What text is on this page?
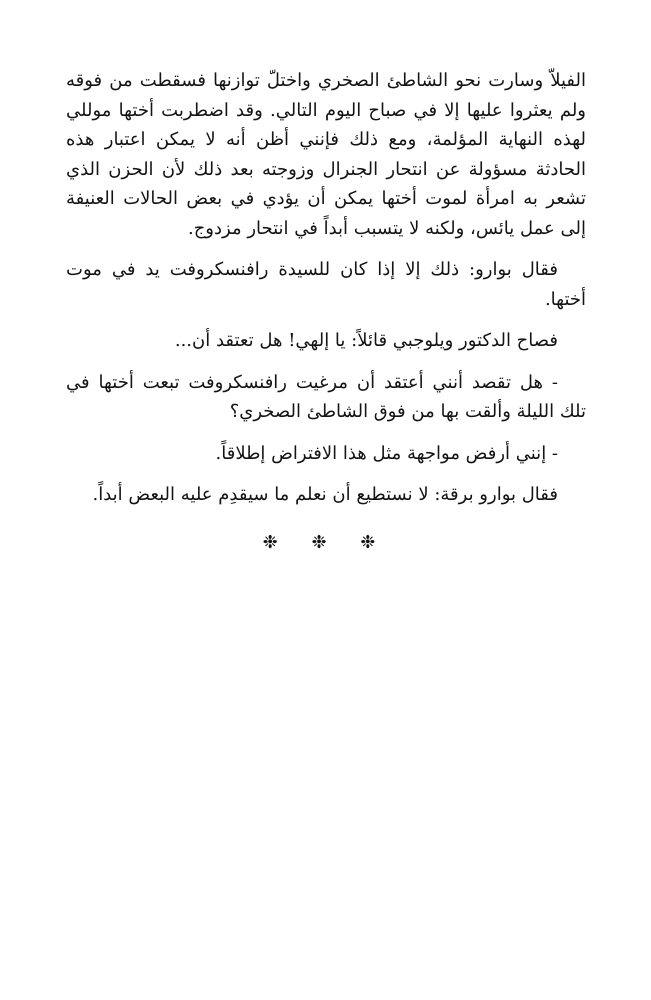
الفيلاّ وسارت نحو الشاطئ الصخري واختلّ توازنها فسقطت من فوقه ولم يعثروا عليها إلا في صباح اليوم التالي. وقد اضطربت أختها موللي لهذه النهاية المؤلمة، ومع ذلك فإنني أظن أنه لا يمكن اعتبار هذه الحادثة مسؤولة عن انتحار الجنرال وزوجته بعد ذلك لأن الحزن الذي تشعر به امرأة لموت أختها يمكن أن يؤدي في بعض الحالات العنيفة إلى عمل يائس، ولكنه لا يتسبب أبداً في انتحار مزدوج.

فقال بوارو: ذلك إلا إذا كان للسيدة رافنسكروفت يد في موت أختها.

فصاح الدكتور ويلوجبي قائلاً: يا إلهي! هل تعتقد أن...

- هل تقصد أنني أعتقد أن مرغيت رافنسكروفت تبعت أختها في تلك الليلة وألقت بها من فوق الشاطئ الصخري؟

- إنني أرفض مواجهة مثل هذا الافتراض إطلاقاً.

فقال بوارو برقة: لا نستطيع أن نعلم ما سيقدِم عليه البعض أبداً.

❉ ❉ ❉
